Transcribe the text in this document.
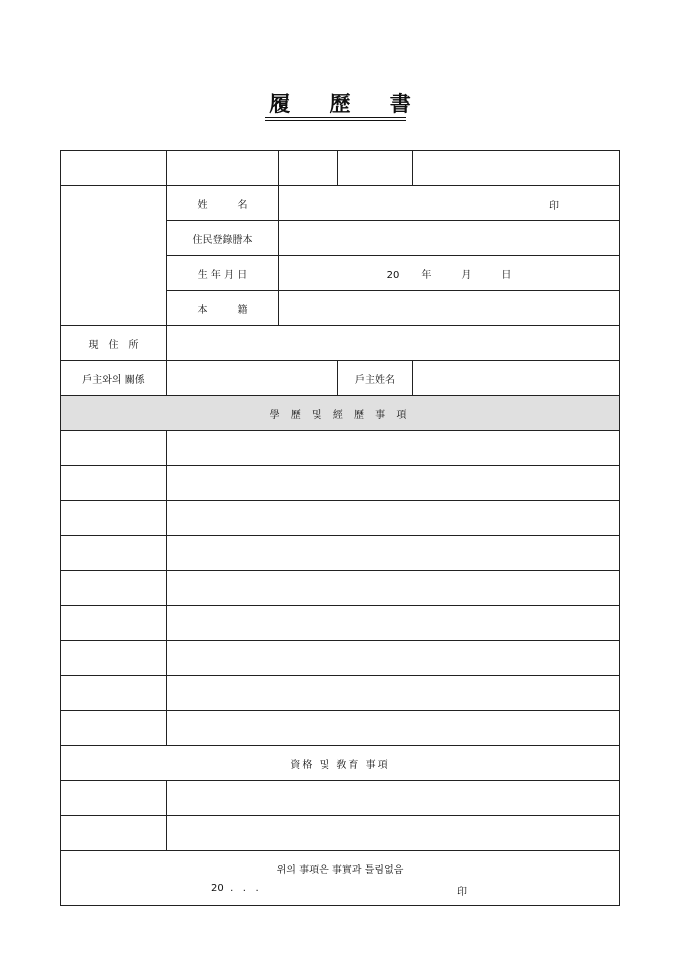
履 歷 書

	姓　　　名	印		

	住民登錄謄本			
	生 年 月 日	20 年 月 日		
	本　　　籍			
現　住　所				
戶主와의 關係			戶主姓名	
學 歷 및 經 歷 事 項				

資格 및 敎育 事項				

위의 事項은 事實과 틀림없음
20  .   .   . 印				
